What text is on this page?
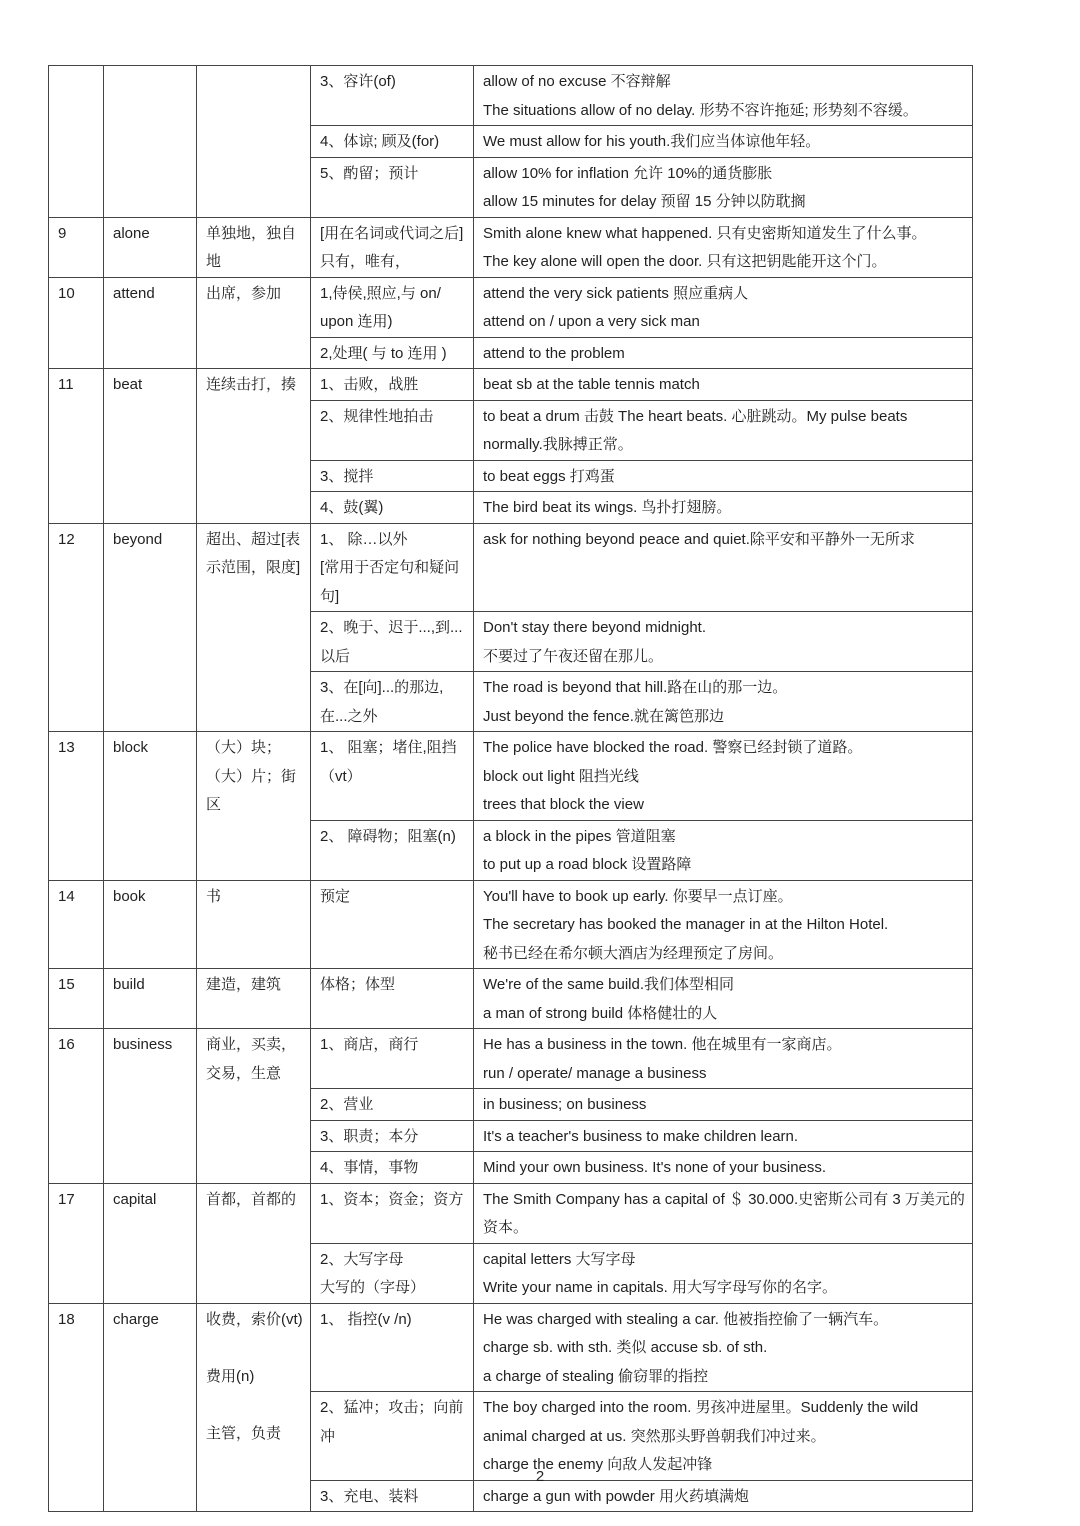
			3、容许(of)	allow of no excuse 不容辩解
The situations allow of no delay. 形势不容许拖延; 形势刻不容缓。

			4、体谅; 顾及(for)	We must allow for his youth.我们应当体谅他年轻。

			5、酌留；预计	allow 10% for inflation 允许 10%的通货膨胀
allow 15 minutes for delay 预留 15 分钟以防耽搁

9	alone	单独地，独自地	[用在名词或代词之后]只有，唯有，	Smith alone knew what happened. 只有史密斯知道发生了什么事。
The key alone will open the door. 只有这把钥匙能开这个门。

10	attend	出席，参加	1,侍侯,照应,与 on/ upon 连用)	attend the very sick patients 照应重病人
attend on / upon a very sick man

			2,处理( 与 to 连用 )	attend to the problem

11	beat	连续击打，揍	1、击败，战胜	beat sb at the table tennis match

			2、规律性地拍击	to beat a drum 击鼓 The heart beats. 心脏跳动。My pulse beats normally.我脉搏正常。

			3、搅拌	to beat eggs 打鸡蛋

			4、鼓(翼)	The bird beat its wings. 鸟扑打翅膀。

12	beyond	超出、超过[表示范围，限度]	1、 除…以外
[常用于否定句和疑问句]	ask for nothing beyond peace and quiet.除平安和平静外一无所求

			2、晚于、迟于...,到...以后	Don't stay there beyond midnight.
不要过了午夜还留在那儿。

			3、在[向]...的那边,在...之外	The road is beyond that hill.路在山的那一边。
Just beyond the fence.就在篱笆那边

13	block	（大）块；（大）片；街区	1、 阻塞；堵住,阻挡（vt）	The police have blocked the road. 警察已经封锁了道路。
block out light 阻挡光线
trees that block the view

			2、 障碍物；阻塞(n)	a block in the pipes 管道阻塞
to put up a road block 设置路障

14	book	书	预定	You'll have to book up early. 你要早一点订座。
The secretary has booked the manager in at the Hilton Hotel.
秘书已经在希尔顿大酒店为经理预定了房间。

15	build	建造，建筑	体格；体型	We're of the same build.我们体型相同
a man of strong build 体格健壮的人

16	business	商业，买卖，交易，生意	1、商店，商行	He has a business in the town. 他在城里有一家商店。
run / operate/ manage a business

			2、营业	in business; on business

			3、职责；本分	It's a teacher's business to make children learn.

			4、事情，事物	Mind your own business. It's none of your business.

17	capital	首都，首都的	1、资本；资金；资方	The Smith Company has a capital of ＄ 30.000.史密斯公司有 3 万美元的资本。

			2、大写字母
大写的（字母）	capital letters 大写字母
Write your name in capitals. 用大写字母写你的名字。

18	charge	收费，索价(vt)

费用(n)

主管，负责	1、 指控(v /n)	He was charged with stealing a car. 他被指控偷了一辆汽车。
charge sb. with sth. 类似 accuse sb. of sth.
a charge of stealing 偷窃罪的指控

			2、猛冲；攻击；向前冲	The boy charged into the room. 男孩冲进屋里。Suddenly the wild animal charged at us. 突然那头野兽朝我们冲过来。
charge the enemy 向敌人发起冲锋

			3、充电、装料	charge a gun with powder 用火药填满炮
2
